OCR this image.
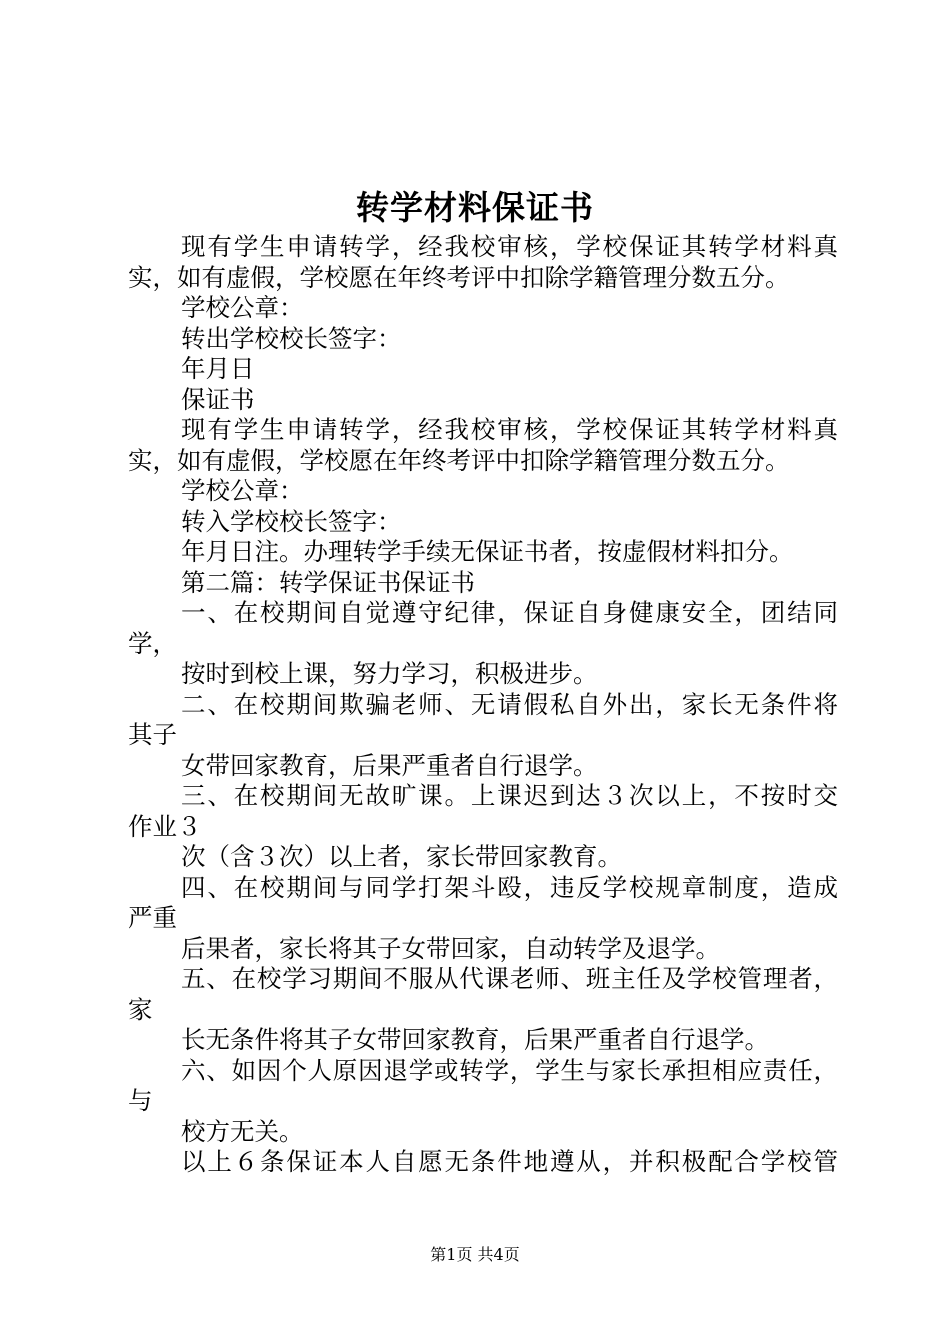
转学材料保证书
现有学生申请转学，经我校审核，学校保证其转学材料真
实，如有虚假，学校愿在年终考评中扣除学籍管理分数五分。
学校公章：
转出学校校长签字：
年月日
保证书
现有学生申请转学，经我校审核，学校保证其转学材料真
实，如有虚假，学校愿在年终考评中扣除学籍管理分数五分。
学校公章：
转入学校校长签字：
年月日注。办理转学手续无保证书者，按虚假材料扣分。
第二篇：转学保证书保证书
一、在校期间自觉遵守纪律，保证自身健康安全，团结同
学，
按时到校上课，努力学习，积极进步。
二、在校期间欺骗老师、无请假私自外出，家长无条件将
其子
女带回家教育，后果严重者自行退学。
三、在校期间无故旷课。上课迟到达３次以上，不按时交
作业３
次（含３次）以上者，家长带回家教育。
四、在校期间与同学打架斗殴，违反学校规章制度，造成
严重
后果者，家长将其子女带回家，自动转学及退学。
五、在校学习期间不服从代课老师、班主任及学校管理者，
家
长无条件将其子女带回家教育，后果严重者自行退学。
六、如因个人原因退学或转学，学生与家长承担相应责任，
与
校方无关。
以上６条保证本人自愿无条件地遵从，并积极配合学校管
第1页 共4页
